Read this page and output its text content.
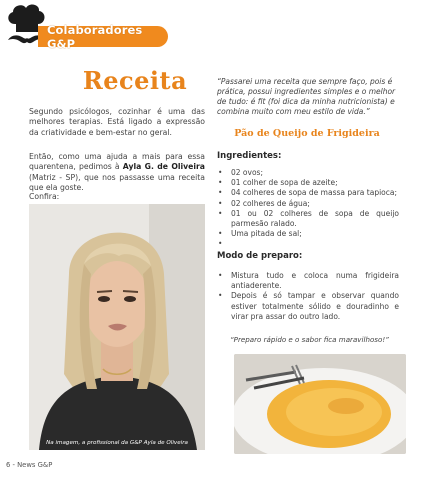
Colaboradores G&P
Receita

Segundo psicólogos, cozinhar é uma das melhores terapias. Está ligado a expressão da criatividade e bem-estar no geral.

Então, como uma ajuda a mais para essa quarentena, pedimos à Ayla G. de Oliveira (Matriz - SP), que nos passasse uma receita que ela goste.

Confira:

Na imagem, a profissional da G&P Ayla de Oliveira
6 - News G&P

“Passarei uma receita que sempre faço, pois é prática, possui ingredientes simples e o melhor de tudo: é fit (foi dica da minha nutricionista) e combina muito com meu estilo de vida.”

Pão de Queijo de Frigideira
Ingredientes:
• 02 ovos;
• 01 colher de sopa de azeite;
• 04 colheres de sopa de massa para tapioca;
• 02 colheres de água;
• 01 ou 02 colheres de sopa de queijo parmesão ralado.
• Uma pitada de sal;
Modo de preparo:
• Mistura tudo e coloca numa frigideira antiaderente.
• Depois é só tampar e observar quando estiver totalmente sólido e douradinho e virar pra assar do outro lado.
“Preparo rápido e o sabor fica maravilhoso!”
